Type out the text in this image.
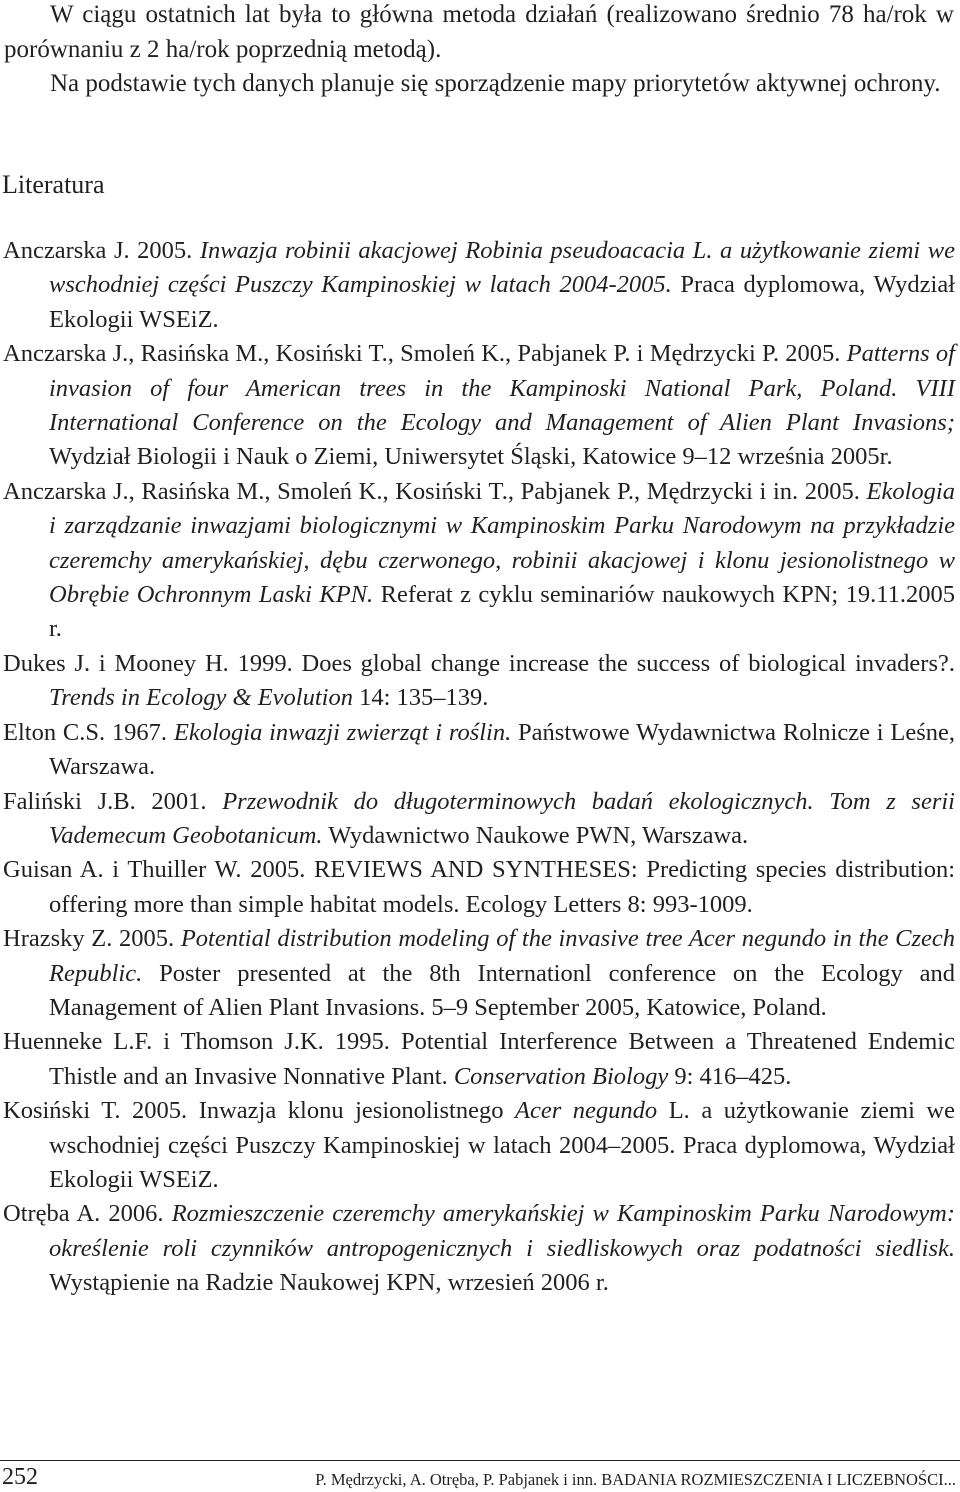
W ciągu ostatnich lat była to główna metoda działań (realizowano średnio 78 ha/rok w porównaniu z 2 ha/rok poprzednią metodą).

Na podstawie tych danych planuje się sporządzenie mapy priorytetów aktywnej ochrony.

Literatura

Anczarska J. 2005. Inwazja robinii akacjowej Robinia pseudoacacia L. a użytkowanie ziemi we wschodniej części Puszczy Kampinoskiej w latach 2004-2005. Praca dyplomowa, Wydział Ekologii WSEiZ.

Anczarska J., Rasińska M., Kosiński T., Smoleń K., Pabjanek P. i Mędrzycki P. 2005. Patterns of invasion of four American trees in the Kampinoski National Park, Poland. VIII International Conference on the Ecology and Management of Alien Plant Invasions; Wydział Biologii i Nauk o Ziemi, Uniwersytet Śląski, Katowice 9–12 września 2005r.

Anczarska J., Rasińska M., Smoleń K., Kosiński T., Pabjanek P., Mędrzycki i in. 2005. Ekologia i zarządzanie inwazjami biologicznymi w Kampinoskim Parku Narodowym na przykładzie czeremchy amerykańskiej, dębu czerwonego, robinii akacjowej i klonu jesionolistnego w Obrębie Ochronnym Laski KPN. Referat z cyklu seminariów naukowych KPN; 19.11.2005 r.

Dukes J. i Mooney H. 1999. Does global change increase the success of biological invaders?. Trends in Ecology & Evolution 14: 135–139.

Elton C.S. 1967. Ekologia inwazji zwierząt i roślin. Państwowe Wydawnictwa Rolnicze i Leśne, Warszawa.

Faliński J.B. 2001. Przewodnik do długoterminowych badań ekologicznych. Tom z serii Vademecum Geobotanicum. Wydawnictwo Naukowe PWN, Warszawa.

Guisan A. i Thuiller W. 2005. REVIEWS AND SYNTHESES: Predicting species distribution: offering more than simple habitat models. Ecology Letters 8: 993-1009.

Hrazsky Z. 2005. Potential distribution modeling of the invasive tree Acer negundo in the Czech Republic. Poster presented at the 8th Internationl conference on the Ecology and Management of Alien Plant Invasions. 5–9 September 2005, Katowice, Poland.

Huenneke L.F. i Thomson J.K. 1995. Potential Interference Between a Threatened Endemic Thistle and an Invasive Nonnative Plant. Conservation Biology 9: 416–425.

Kosiński T. 2005. Inwazja klonu jesionolistnego Acer negundo L. a użytkowanie ziemi we wschodniej części Puszczy Kampinoskiej w latach 2004–2005. Praca dyplomowa, Wydział Ekologii WSEiZ.

Otręba A. 2006. Rozmieszczenie czeremchy amerykańskiej w Kampinoskim Parku Narodowym: określenie roli czynników antropogenicznych i siedliskowych oraz podatności siedlisk. Wystąpienie na Radzie Naukowej KPN, wrzesień 2006 r.

252	P. Mędrzycki, A. Otręba, P. Pabjanek i inn. BADANIA ROZMIESZCZENIA I LICZEBNOŚCI...
